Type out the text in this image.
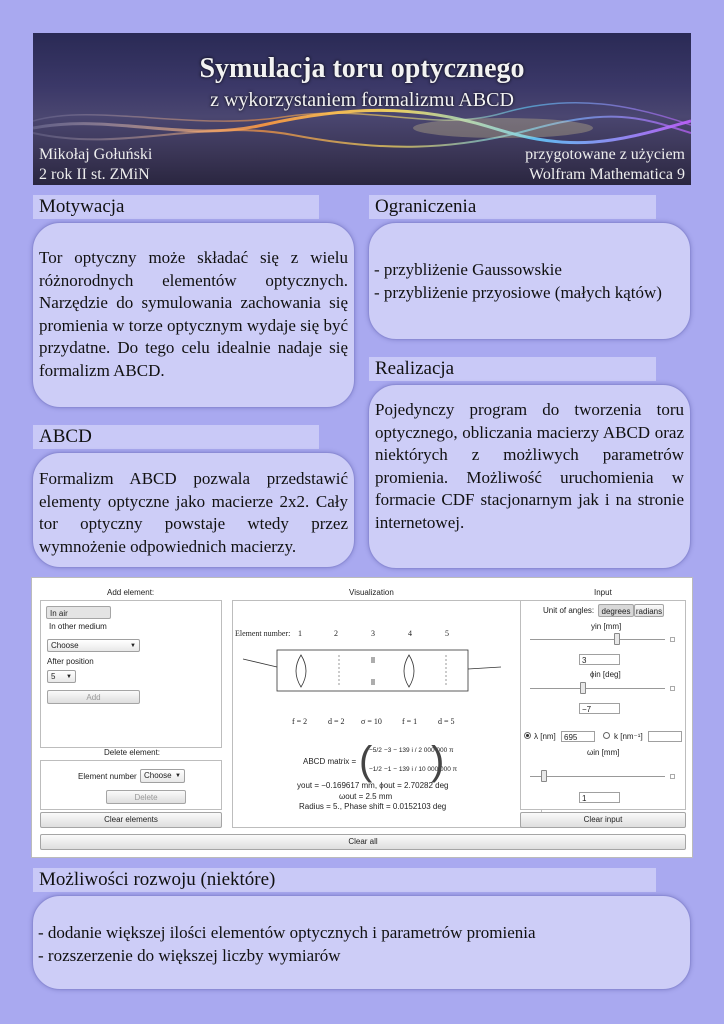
Symulacja toru optycznego
z wykorzystaniem formalizmu ABCD
Mikołaj Gołuński
2 rok II st. ZMiN
przygotowane z użyciem
Wolfram Mathematica 9
Motywacja

Tor optyczny może składać się z wielu różnorodnych elementów optycznych. Narzędzie do symulowania zachowania się promienia w torze optycznym wydaje się być przydatne. Do tego celu idealnie nadaje się formalizm ABCD.

Ograniczenia

- przybliżenie Gaussowskie

- przybliżenie przyosiowe (małych kątów)

Realizacja

Pojedynczy program do tworzenia toru optycznego, obliczania macierzy ABCD oraz niektórych z możliwych parametrów promienia. Możliwość uruchomienia w formacie CDF stacjonarnym jak i na stronie internetowej.

ABCD

Formalizm ABCD pozwala przedstawić elementy optyczne jako macierze 2x2. Cały tor optyczny powstaje wtedy przez wymnożenie odpowiednich macierzy.

Add element:
In air
In other medium
Choose	▼
After position
5 ▼
Add
Delete element:
Element number Choose ▼
Delete
Clear elements
Visualization
Element number: 1	2	3	4	5
f = 2	d = 2 σ = 10	f = 1	d = 5
ABCD matrix = (
−5/2 −3 − 139 i / 2 000 000 π
−1/2 −1 − 139 i / 10 000 000 π
)
yout = −0.169617 mm, ϕout = 2.70282 deg
ωout = 2.5 mm
Radius = 5., Phase shift = 0.0152103 deg
Input
Unit of angles: degrees radians
yin [mm]
3
ϕin [deg]
−7
λ [nm]	695	k [nm⁻¹]
ωin [mm]
1
Clear input
Clear all
Możliwości rozwoju (niektóre)

- dodanie większej ilości elementów optycznych i parametrów promienia

- rozszerzenie do większej liczby wymiarów
